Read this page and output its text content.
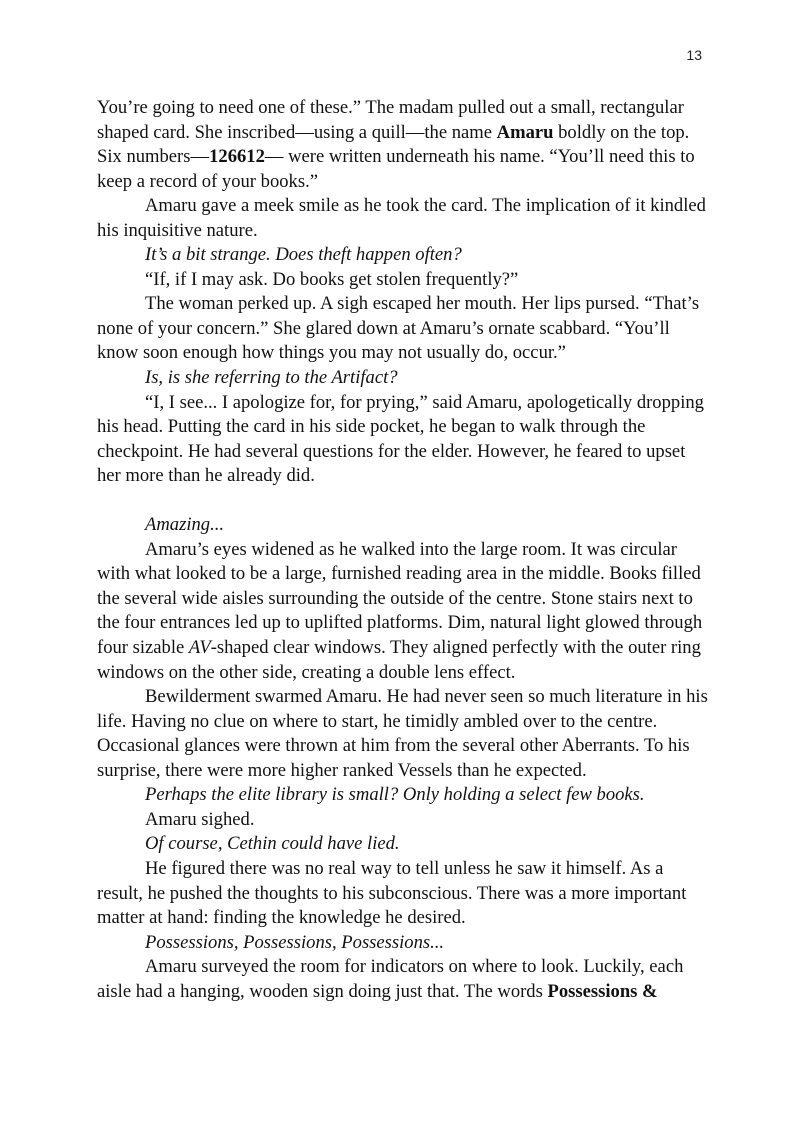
13

You’re going to need one of these.” The madam pulled out a small, rectangular shaped card. She inscribed—using a quill—the name Amaru boldly on the top. Six numbers—126612— were written underneath his name. “You’ll need this to keep a record of your books.”

Amaru gave a meek smile as he took the card. The implication of it kindled his inquisitive nature.

It’s a bit strange. Does theft happen often?

“If, if I may ask. Do books get stolen frequently?”

The woman perked up. A sigh escaped her mouth. Her lips pursed. “That’s none of your concern.” She glared down at Amaru’s ornate scabbard. “You’ll know soon enough how things you may not usually do, occur.”

Is, is she referring to the Artifact?

“I, I see... I apologize for, for prying,” said Amaru, apologetically dropping his head. Putting the card in his side pocket, he began to walk through the checkpoint. He had several questions for the elder. However, he feared to upset her more than he already did.

Amazing...

Amaru’s eyes widened as he walked into the large room. It was circular with what looked to be a large, furnished reading area in the middle. Books filled the several wide aisles surrounding the outside of the centre. Stone stairs next to the four entrances led up to uplifted platforms. Dim, natural light glowed through four sizable AV-shaped clear windows. They aligned perfectly with the outer ring windows on the other side, creating a double lens effect.

Bewilderment swarmed Amaru. He had never seen so much literature in his life. Having no clue on where to start, he timidly ambled over to the centre. Occasional glances were thrown at him from the several other Aberrants. To his surprise, there were more higher ranked Vessels than he expected.

Perhaps the elite library is small? Only holding a select few books.

Amaru sighed.

Of course, Cethin could have lied.

He figured there was no real way to tell unless he saw it himself. As a result, he pushed the thoughts to his subconscious. There was a more important matter at hand: finding the knowledge he desired.

Possessions, Possessions, Possessions...

Amaru surveyed the room for indicators on where to look. Luckily, each aisle had a hanging, wooden sign doing just that. The words Possessions &
